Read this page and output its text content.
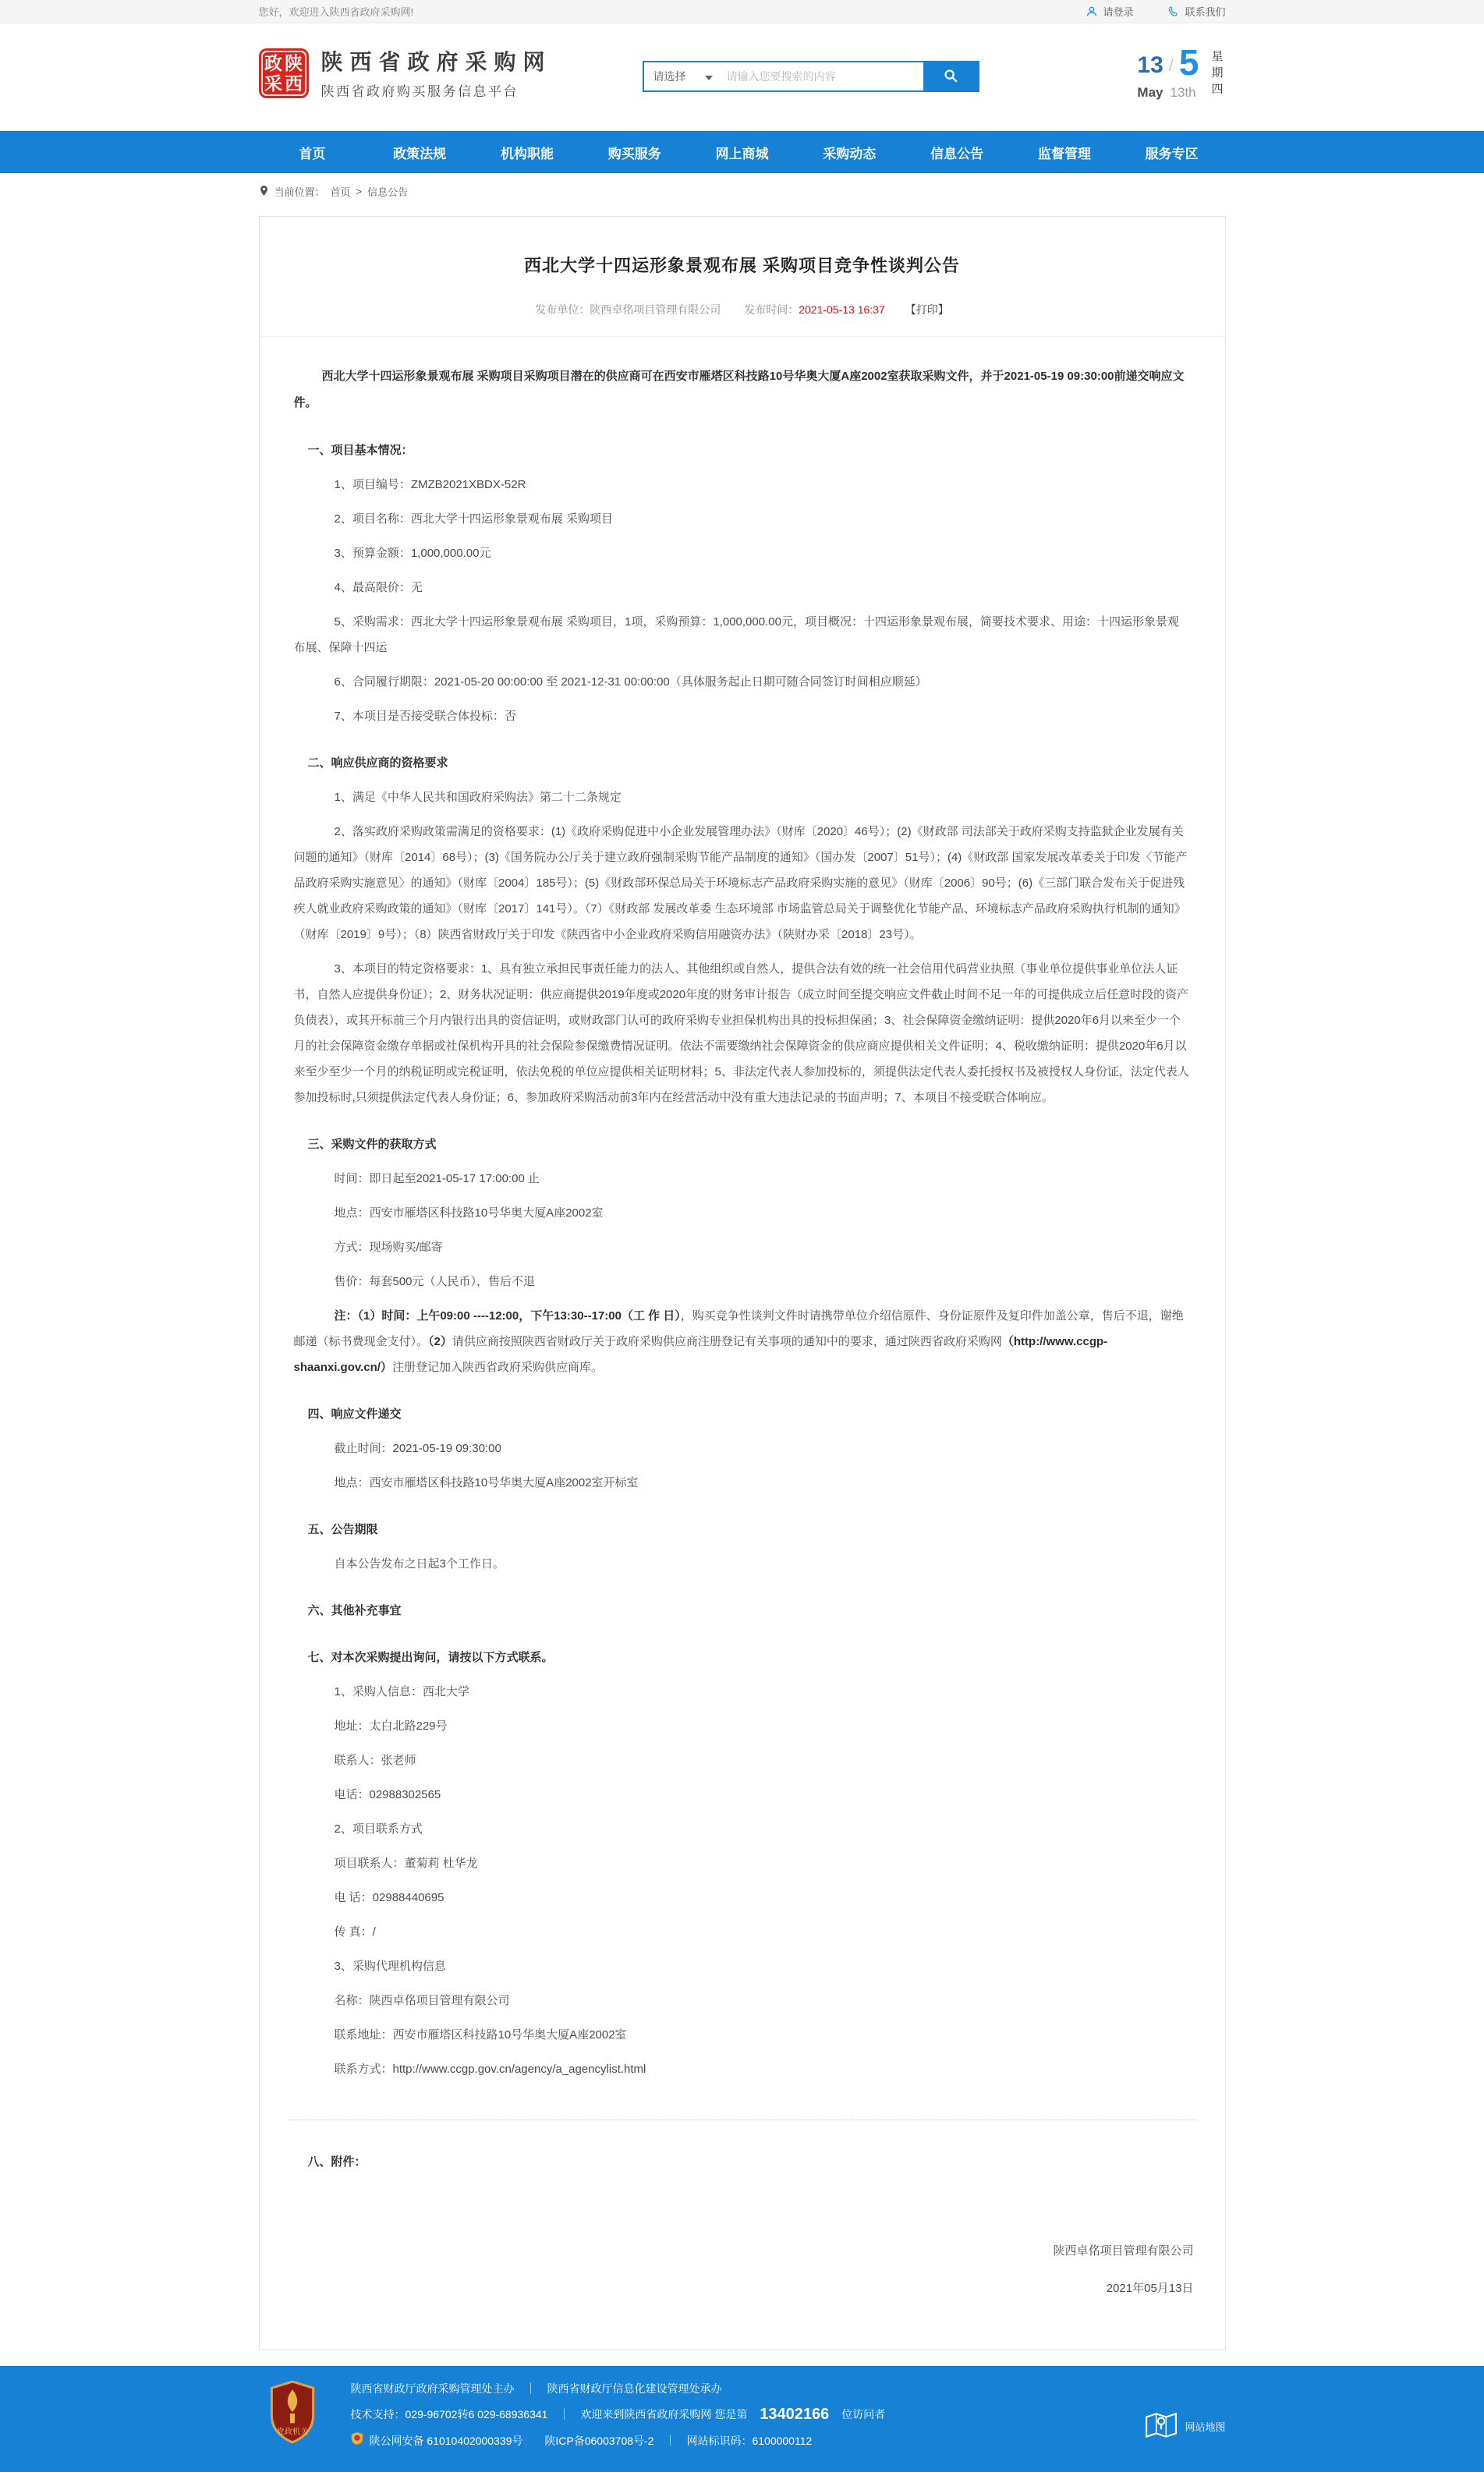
您好，欢迎进入陕西省政府采购网!	请登录	联系我们
政 陕
采 西
陕西省政府采购网
陕西省政府购买服务信息平台
请选择
请输入您要搜索的内容	13 / 5
May 13th
星期四
首页	政策法规	机构职能	购买服务	网上商城	采购动态	信息公告	监督管理	服务专区
当前位置： 首页 > 信息公告
西北大学十四运形象景观布展 采购项目竞争性谈判公告
发布单位：陕西卓佲项目管理有限公司 发布时间：2021-05-13 16:37 【打印】
西北大学十四运形象景观布展 采购项目采购项目潜在的供应商可在西安市雁塔区科技路10号华奥大厦A座2002室获取采购文件，并于2021-05-19 09:30:00前递交响应文件。
一、项目基本情况：
1、项目编号：ZMZB2021XBDX-52R
2、项目名称：西北大学十四运形象景观布展 采购项目
3、预算金额：1,000,000.00元
4、最高限价：无
5、采购需求：西北大学十四运形象景观布展 采购项目，1项，采购预算：1,000,000.00元，项目概况：十四运形象景观布展，简要技术要求、用途：十四运形象景观布展、保障十四运
6、合同履行期限：2021-05-20 00:00:00 至 2021-12-31 00:00:00（具体服务起止日期可随合同签订时间相应顺延）
7、本项目是否接受联合体投标：否
二、响应供应商的资格要求
1、满足《中华人民共和国政府采购法》第二十二条规定
2、落实政府采购政策需满足的资格要求：(1)《政府采购促进中小企业发展管理办法》（财库〔2020〕46号）；(2)《财政部 司法部关于政府采购支持监狱企业发展有关问题的通知》（财库〔2014〕68号）；(3)《国务院办公厅关于建立政府强制采购节能产品制度的通知》（国办发〔2007〕51号）；(4)《财政部 国家发展改革委关于印发〈节能产品政府采购实施意见〉的通知》（财库〔2004〕185号）；(5)《财政部环保总局关于环境标志产品政府采购实施的意见》（财库〔2006〕90号；(6)《三部门联合发布关于促进残疾人就业政府采购政策的通知》（财库〔2017〕141号）。（7）《财政部 发展改革委 生态环境部 市场监管总局关于调整优化节能产品、环境标志产品政府采购执行机制的通知》（财库〔2019〕9号）；（8）陕西省财政厅关于印发《陕西省中小企业政府采购信用融资办法》（陕财办采〔2018〕23号）。
3、本项目的特定资格要求：1、具有独立承担民事责任能力的法人、其他组织或自然人，提供合法有效的统一社会信用代码营业执照（事业单位提供事业单位法人证书，自然人应提供身份证）；2、财务状况证明：供应商提供2019年度或2020年度的财务审计报告（成立时间至提交响应文件截止时间不足一年的可提供成立后任意时段的资产负债表），或其开标前三个月内银行出具的资信证明，或财政部门认可的政府采购专业担保机构出具的投标担保函；3、社会保障资金缴纳证明：提供2020年6月以来至少一个月的社会保障资金缴存单据或社保机构开具的社会保险参保缴费情况证明。依法不需要缴纳社会保障资金的供应商应提供相关文件证明；4、税收缴纳证明：提供2020年6月以来至少至少一个月的纳税证明或完税证明，依法免税的单位应提供相关证明材料；5、非法定代表人参加投标的，须提供法定代表人委托授权书及被授权人身份证，法定代表人参加投标时,只须提供法定代表人身份证；6、参加政府采购活动前3年内在经营活动中没有重大违法记录的书面声明；7、本项目不接受联合体响应。
三、采购文件的获取方式
时间：即日起至2021-05-17 17:00:00 止
地点：西安市雁塔区科技路10号华奥大厦A座2002室
方式：现场购买/邮寄
售价：每套500元（人民币），售后不退
注：（1）时间：上午09:00 ----12:00，下午13:30--17:00（工 作 日），购买竞争性谈判文件时请携带单位介绍信原件、身份证原件及复印件加盖公章，售后不退，谢绝邮递（标书费现金支付）。（2）请供应商按照陕西省财政厅关于政府采购供应商注册登记有关事项的通知中的要求，通过陕西省政府采购网（http://www.ccgp-shaanxi.gov.cn/）注册登记加入陕西省政府采购供应商库。
四、响应文件递交
截止时间：2021-05-19 09:30:00
地点：西安市雁塔区科技路10号华奥大厦A座2002室开标室
五、公告期限
自本公告发布之日起3个工作日。
六、其他补充事宜
七、对本次采购提出询问，请按以下方式联系。
1、采购人信息：西北大学
地址：太白北路229号
联系人：张老师
电话：02988302565
2、项目联系方式
项目联系人：董菊莉 杜华龙
电 话：02988440695
传 真：/
3、采购代理机构信息
名称：陕西卓佲项目管理有限公司
联系地址：西安市雁塔区科技路10号华奥大厦A座2002室
联系方式：http://www.ccgp.gov.cn/agency/a_agencylist.html
八、附件：
陕西卓佲项目管理有限公司
2021年05月13日
党政机关
陕西省财政厅政府采购管理处主办　｜　陕西省财政厅信息化建设管理处承办
技术支持：029-96702转6 029-68936341　｜　欢迎来到陕西省政府采购网 您是第 13402166 位访问者
陕公网安备 61010402000339号　　陕ICP备06003708号-2　｜　网站标识码：6100000112
网站地图
